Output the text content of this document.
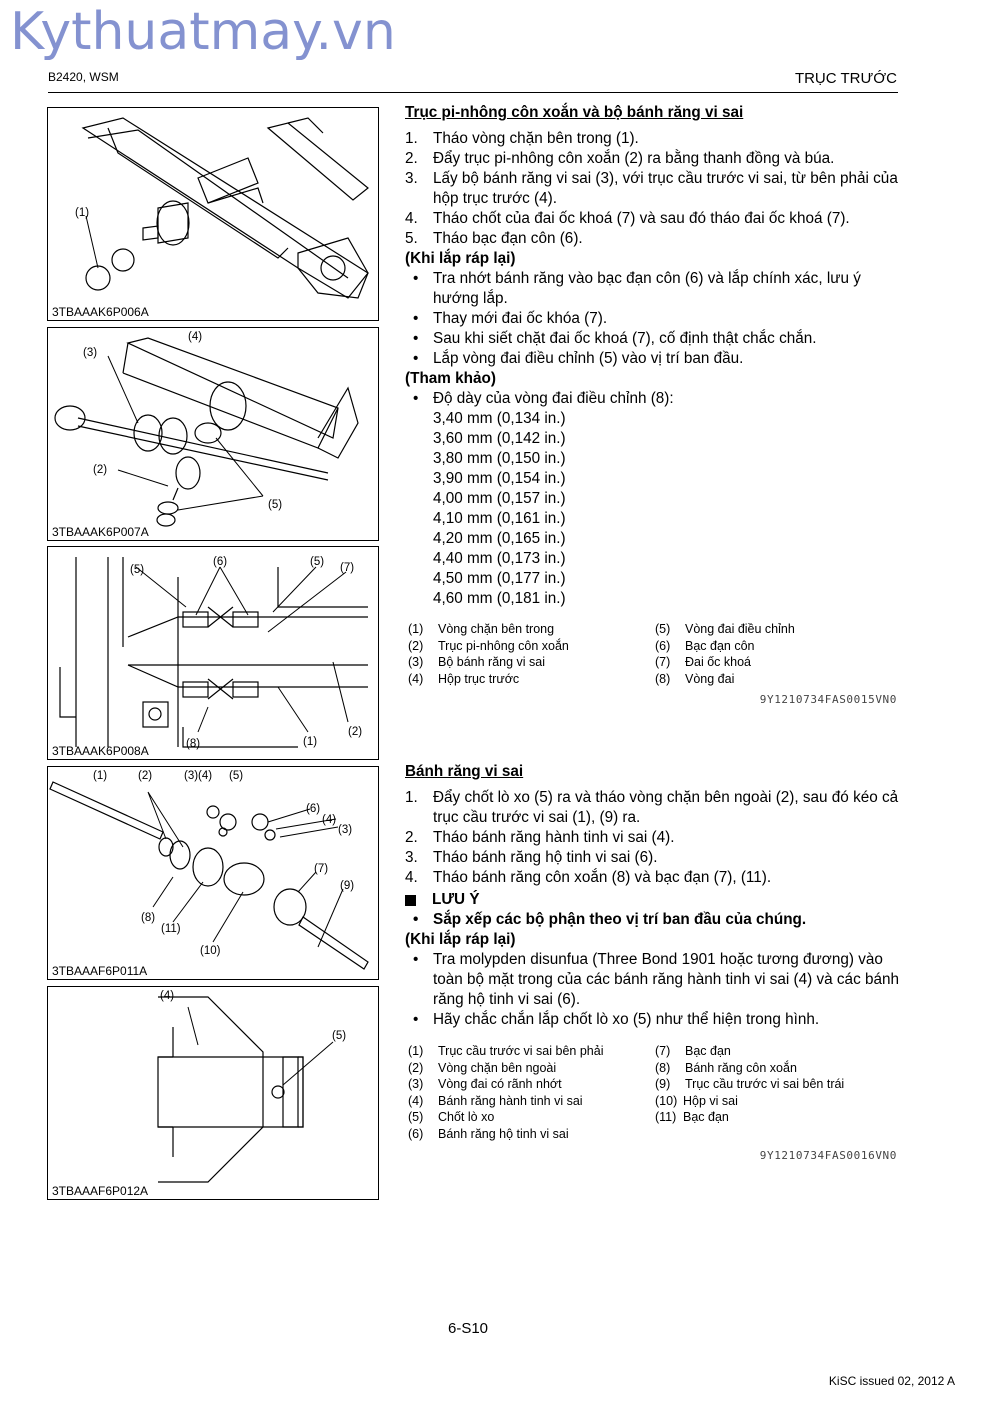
Kythuatmay.vn
B2420, WSM	TRỤC TRƯỚC
(1)
3TBAAAK6P006A
(4)
(3)
(2)
(5)
3TBAAAK6P007A
(6)
(5)
(5) (7)
(2)
(8)	(1)
3TBAAAK6P008A
(1)	(2)	(3)(4) (5)
(6)
(4)
(3)
(7)
(9)
(8)
(11)
(10)
3TBAAAF6P011A
(4)
(5)
3TBAAAF6P012A
Trục pi-nhông côn xoắn và bộ bánh răng vi sai
1. Tháo vòng chặn bên trong (1).
2. Đẩy trục pi-nhông côn xoắn (2) ra bằng thanh đồng và búa.
3. Lấy bộ bánh răng vi sai (3), với trục cầu trước vi sai, từ bên phải của hộp trục trước (4).
4. Tháo chốt của đai ốc khoá (7) và sau đó tháo đai ốc khoá (7).
5. Tháo bạc đạn côn (6).
(Khi lắp ráp lại)
• Tra nhớt bánh răng vào bạc đạn côn (6) và lắp chính xác, lưu ý hướng lắp.
• Thay mới đai ốc khóa (7).
• Sau khi siết chặt đai ốc khoá (7), cố định thật chắc chắn.
• Lắp vòng đai điều chỉnh (5) vào vị trí ban đầu.
(Tham khảo)
• Độ dày của vòng đai điều chỉnh (8):
3,40 mm (0,134 in.)
3,60 mm (0,142 in.)
3,80 mm (0,150 in.)
3,90 mm (0,154 in.)
4,00 mm (0,157 in.)
4,10 mm (0,161 in.)
4,20 mm (0,165 in.)
4,40 mm (0,173 in.)
4,50 mm (0,177 in.)
4,60 mm (0,181 in.)
(1)	Vòng chặn bên trong
(2)	Trục pi-nhông côn xoắn
(3)	Bộ bánh răng vi sai
(4)	Hộp trục trước
(5)	Vòng đai điều chỉnh
(6)	Bạc đạn côn
(7)	Đai ốc khoá
(8)	Vòng đai
9Y1210734FAS0015VN0
Bánh răng vi sai
1. Đẩy chốt lò xo (5) ra và tháo vòng chặn bên ngoài (2), sau đó kéo cả trục cầu trước vi sai (1), (9) ra.
2. Tháo bánh răng hành tinh vi sai (4).
3. Tháo bánh răng hộ tinh vi sai (6).
4. Tháo bánh răng côn xoắn (8) và bạc đạn (7), (11).
LƯU Ý
• Sắp xếp các bộ phận theo vị trí ban đầu của chúng.
(Khi lắp ráp lại)
• Tra molypden disunfua (Three Bond 1901 hoặc tương đương) vào toàn bộ mặt trong của các bánh răng hành tinh vi sai (4) và các bánh răng hộ tinh vi sai (6).
• Hãy chắc chắn lắp chốt lò xo (5) như thể hiện trong hình.
(1)	Trục cầu trước vi sai bên phải
(2)	Vòng chặn bên ngoài
(3)	Vòng đai có rãnh nhớt
(4)	Bánh răng hành tinh vi sai
(5)	Chốt lò xo
(6)	Bánh răng hộ tinh vi sai
(7)	Bạc đạn
(8)	Bánh răng côn xoắn
(9)	Trục cầu trước vi sai bên trái
(10) Hộp vi sai
(11) Bạc đạn
9Y1210734FAS0016VN0
6-S10
KiSC issued 02, 2012 A
